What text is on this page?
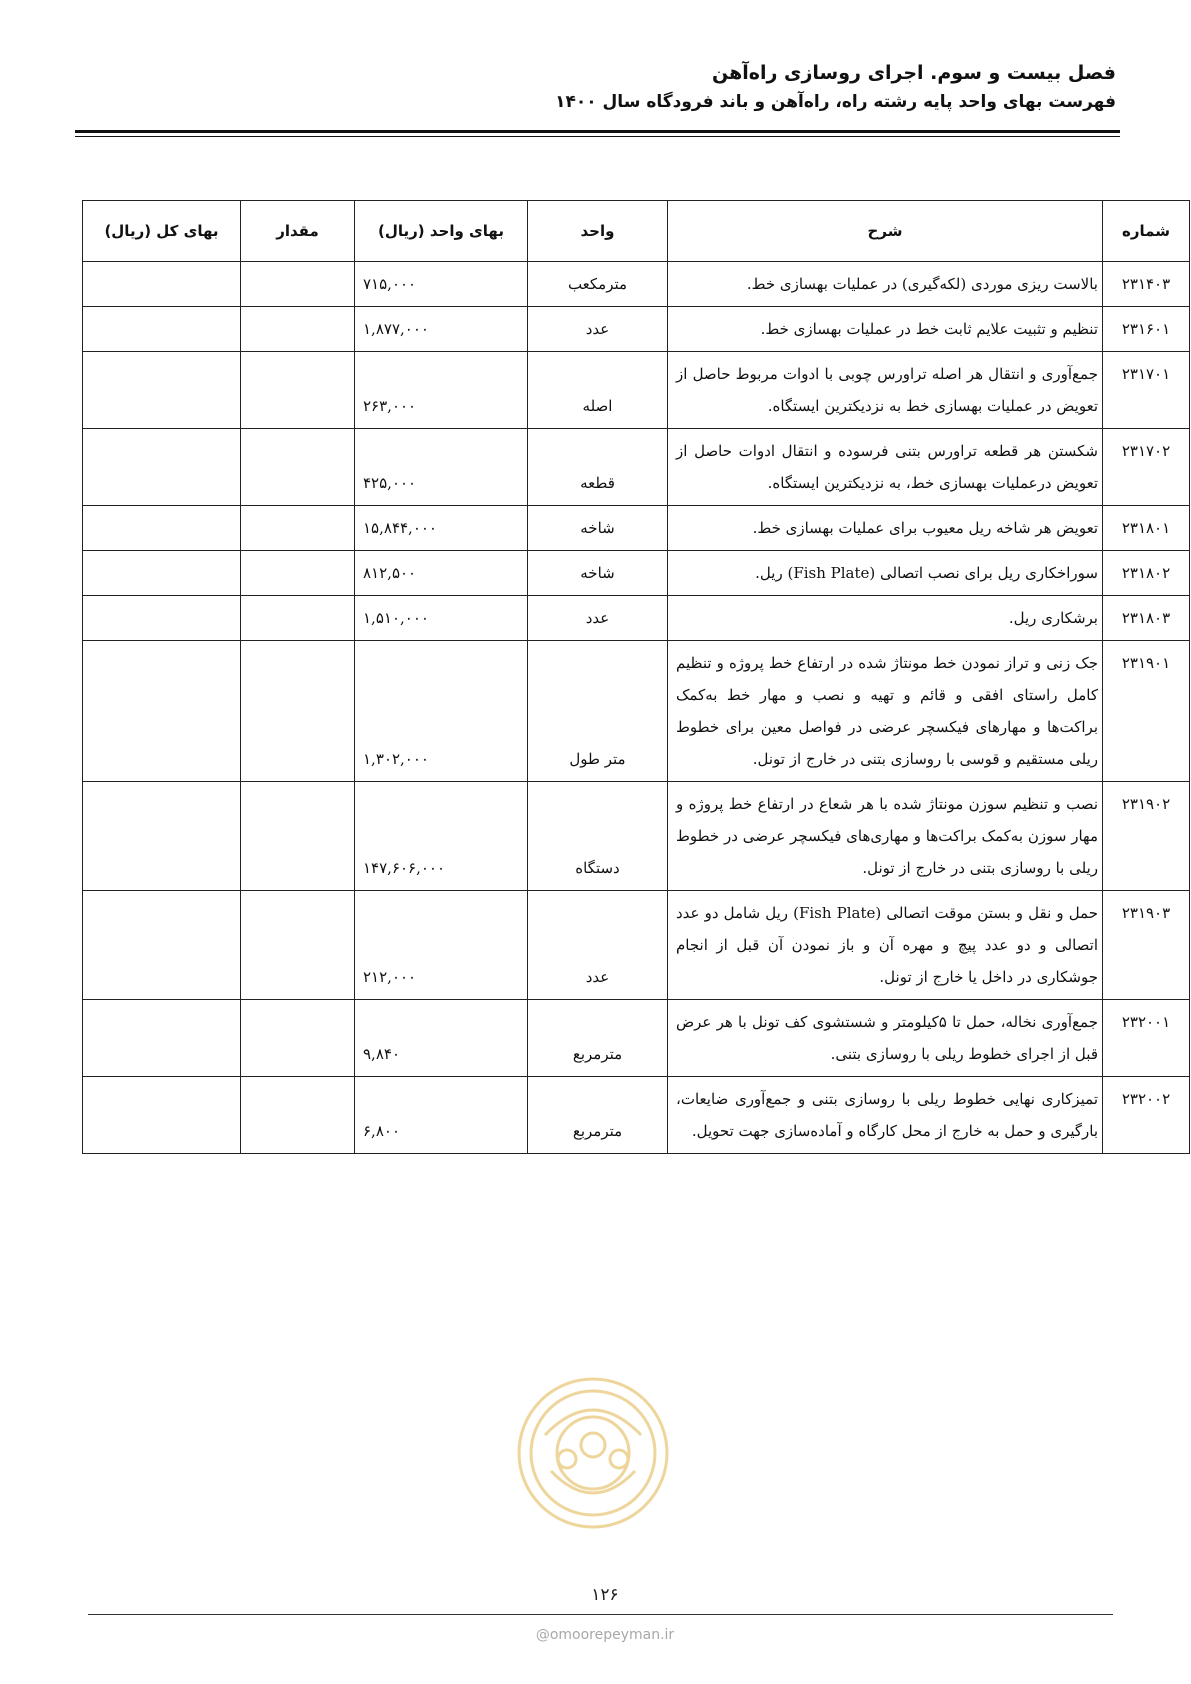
فصل بیست و سوم. اجرای روسازی راه‌آهن
فهرست بهای واحد پایه رشته راه، راه‌آهن و باند فرودگاه سال ۱۴۰۰
شماره	شرح	واحد	بهای واحد (ریال)	مقدار	بهای کل (ریال)
۲۳۱۴۰۳	بالاست ریزی موردی (لکه‌گیری) در عملیات بهسازی خط.	مترمکعب	۷۱۵,۰۰۰		
۲۳۱۶۰۱	تنظیم و تثبیت علایم ثابت خط در عملیات بهسازی خط.	عدد	۱,۸۷۷,۰۰۰		
۲۳۱۷۰۱	جمع‌آوری و انتقال هر اصله تراورس چوبی با ادوات مربوط حاصل از تعویض در عملیات بهسازی خط به نزدیکترین ایستگاه.	اصله	۲۶۳,۰۰۰		
۲۳۱۷۰۲	شکستن هر قطعه تراورس بتنی فرسوده و انتقال ادوات حاصل از تعویض درعملیات بهسازی خط، به نزدیکترین ایستگاه.	قطعه	۴۲۵,۰۰۰		
۲۳۱۸۰۱	تعویض هر شاخه ریل معیوب برای عملیات بهسازی خط.	شاخه	۱۵,۸۴۴,۰۰۰		
۲۳۱۸۰۲	سوراخکاری ریل برای نصب اتصالی (Fish Plate) ریل.	شاخه	۸۱۲,۵۰۰		
۲۳۱۸۰۳	برشکاری ریل.	عدد	۱,۵۱۰,۰۰۰		
۲۳۱۹۰۱	جک زنی و تراز نمودن خط مونتاژ شده در ارتفاع خط پروژه و تنظیم کامل راستای افقی و قائم و تهیه و نصب و مهار خط به‌کمک براکت‌ها و مهارهای فیکسچر عرضی در فواصل معین برای خطوط ریلی مستقیم و قوسی با روسازی بتنی در خارج از تونل.	متر طول	۱,۳۰۲,۰۰۰		
۲۳۱۹۰۲	نصب و تنظیم سوزن مونتاژ شده با هر شعاع در ارتفاع خط پروژه و مهار سوزن به‌کمک براکت‌ها و مهاری‌های فیکسچر عرضی در خطوط ریلی با روسازی بتنی در خارج از تونل.	دستگاه	۱۴۷,۶۰۶,۰۰۰		
۲۳۱۹۰۳	حمل و نقل و بستن موقت اتصالی (Fish Plate) ریل شامل دو عدد اتصالی و دو عدد پیچ و مهره آن و باز نمودن آن قبل از انجام جوشکاری در داخل یا خارج از تونل.	عدد	۲۱۲,۰۰۰		
۲۳۲۰۰۱	جمع‌آوری نخاله، حمل تا ۵کیلومتر و شستشوی کف تونل با هر عرض قبل از اجرای خطوط ریلی با روسازی بتنی.	مترمربع	۹,۸۴۰		
۲۳۲۰۰۲	تمیزکاری نهایی خطوط ریلی با روسازی بتنی و جمع‌آوری ضایعات، بارگیری و حمل به خارج از محل کارگاه و آماده‌سازی جهت تحویل.	مترمربع	۶,۸۰۰		
۱۲۶
@omoorepeyman.ir
